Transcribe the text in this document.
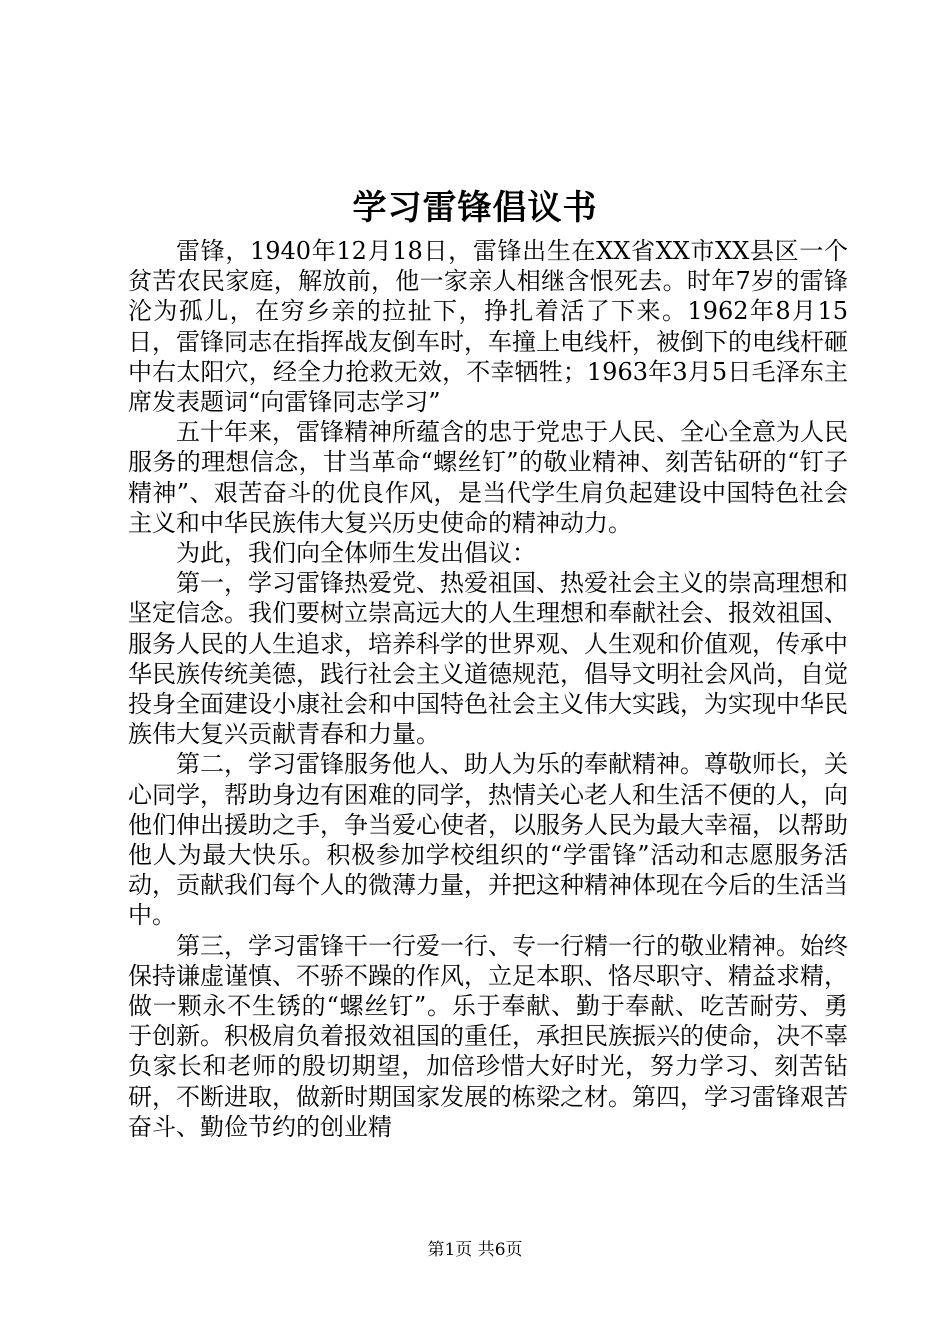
学习雷锋倡议书

雷锋，1940年12月18日，雷锋出生在XX省XX市XX县区一个贫苦农民家庭，解放前，他一家亲人相继含恨死去。时年7岁的雷锋沦为孤儿，在穷乡亲的拉扯下，挣扎着活了下来。1962年8月15日，雷锋同志在指挥战友倒车时，车撞上电线杆，被倒下的电线杆砸中右太阳穴，经全力抢救无效，不幸牺牲；1963年3月5日毛泽东主席发表题词“向雷锋同志学习”

五十年来，雷锋精神所蕴含的忠于党忠于人民、全心全意为人民服务的理想信念，甘当革命“螺丝钉”的敬业精神、刻苦钻研的“钉子精神”、艰苦奋斗的优良作风，是当代学生肩负起建设中国特色社会主义和中华民族伟大复兴历史使命的精神动力。

为此，我们向全体师生发出倡议：

第一，学习雷锋热爱党、热爱祖国、热爱社会主义的崇高理想和坚定信念。我们要树立崇高远大的人生理想和奉献社会、报效祖国、服务人民的人生追求，培养科学的世界观、人生观和价值观，传承中华民族传统美德，践行社会主义道德规范，倡导文明社会风尚，自觉投身全面建设小康社会和中国特色社会主义伟大实践，为实现中华民族伟大复兴贡献青春和力量。

第二，学习雷锋服务他人、助人为乐的奉献精神。尊敬师长，关心同学，帮助身边有困难的同学，热情关心老人和生活不便的人，向他们伸出援助之手，争当爱心使者，以服务人民为最大幸福，以帮助他人为最大快乐。积极参加学校组织的“学雷锋”活动和志愿服务活动，贡献我们每个人的微薄力量，并把这种精神体现在今后的生活当中。

第三，学习雷锋干一行爱一行、专一行精一行的敬业精神。始终保持谦虚谨慎、不骄不躁的作风，立足本职、恪尽职守、精益求精，做一颗永不生锈的“螺丝钉”。乐于奉献、勤于奉献、吃苦耐劳、勇于创新。积极肩负着报效祖国的重任，承担民族振兴的使命，决不辜负家长和老师的殷切期望，加倍珍惜大好时光，努力学习、刻苦钻研，不断进取，做新时期国家发展的栋梁之材。第四，学习雷锋艰苦奋斗、勤俭节约的创业精

第1页 共6页
